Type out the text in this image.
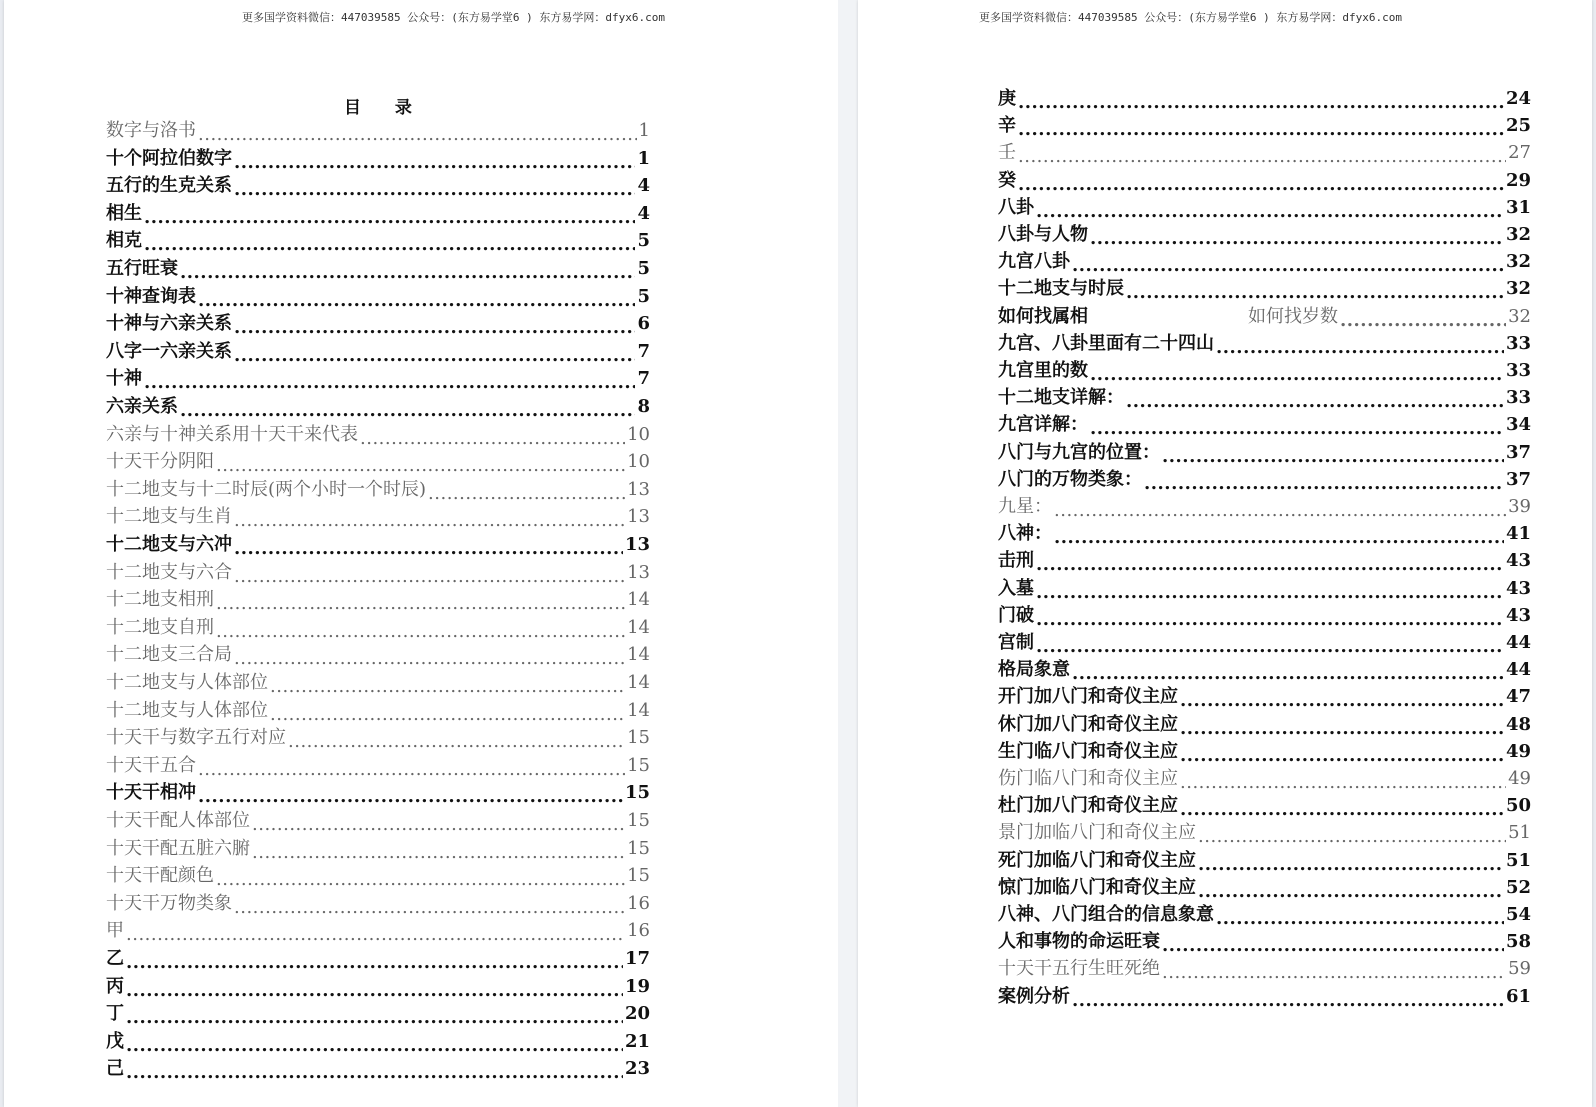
更多国学资料微信：447039585 公众号：(东方易学堂6 ) 东方易学网：dfyx6.com
目 录
数字与洛书 .....	1
十个阿拉伯数字 .....	1
五行的生克关系 .....	4
相生 .....	4
相克 .....	5
五行旺衰 .....	5
十神查询表 .....	5
十神与六亲关系 .....	6
八字一六亲关系 .....	7
十神 .....	7
六亲关系 .....	8
六亲与十神关系用十天干来代表 .....	10
十天干分阴阳 .....	10
十二地支与十二时辰(两个小时一个时辰) .....	13
十二地支与生肖 .....	13
十二地支与六冲 .....	13
十二地支与六合 .....	13
十二地支相刑 .....	14
十二地支自刑 .....	14
十二地支三合局 .....	14
十二地支与人体部位 .....	14
十二地支与人体部位 .....	14
十天干与数字五行对应 .....	15
十天干五合 .....	15
十天干相冲 .....	15
十天干配人体部位 .....	15
十天干配五脏六腑 .....	15
十天干配颜色 .....	15
十天干万物类象 .....	16
甲 .....	16
乙 .....	17
丙 .....	19
丁 .....	20
戊 .....	21
己 .....	23
更多国学资料微信：447039585 公众号：(东方易学堂6 ) 东方易学网：dfyx6.com
庚 .....	24
辛 .....	25
壬 .....	27
癸 .....	29
八卦 .....	31
八卦与人物 .....	32
九宫八卦 .....	32
十二地支与时辰 .....	32
如何找属相	如何找岁数 .....	32
九宫、八卦里面有二十四山 .....	33
九宫里的数 .....	33
十二地支详解： .....	33
九宫详解： .....	34
八门与九宫的位置： .....	37
八门的万物类象： .....	37
九星： .....	39
八神： .....	41
击刑 .....	43
入墓 .....	43
门破 .....	43
宫制 .....	44
格局象意 .....	44
开门加八门和奇仪主应 .....	47
休门加八门和奇仪主应 .....	48
生门临八门和奇仪主应 .....	49
伤门临八门和奇仪主应 .....	49
杜门加八门和奇仪主应 .....	50
景门加临八门和奇仪主应 .....	51
死门加临八门和奇仪主应 .....	51
惊门加临八门和奇仪主应 .....	52
八神、八门组合的信息象意 .....	54
人和事物的命运旺衰 .....	58
十天干五行生旺死绝 .....	59
案例分析 .....	61
